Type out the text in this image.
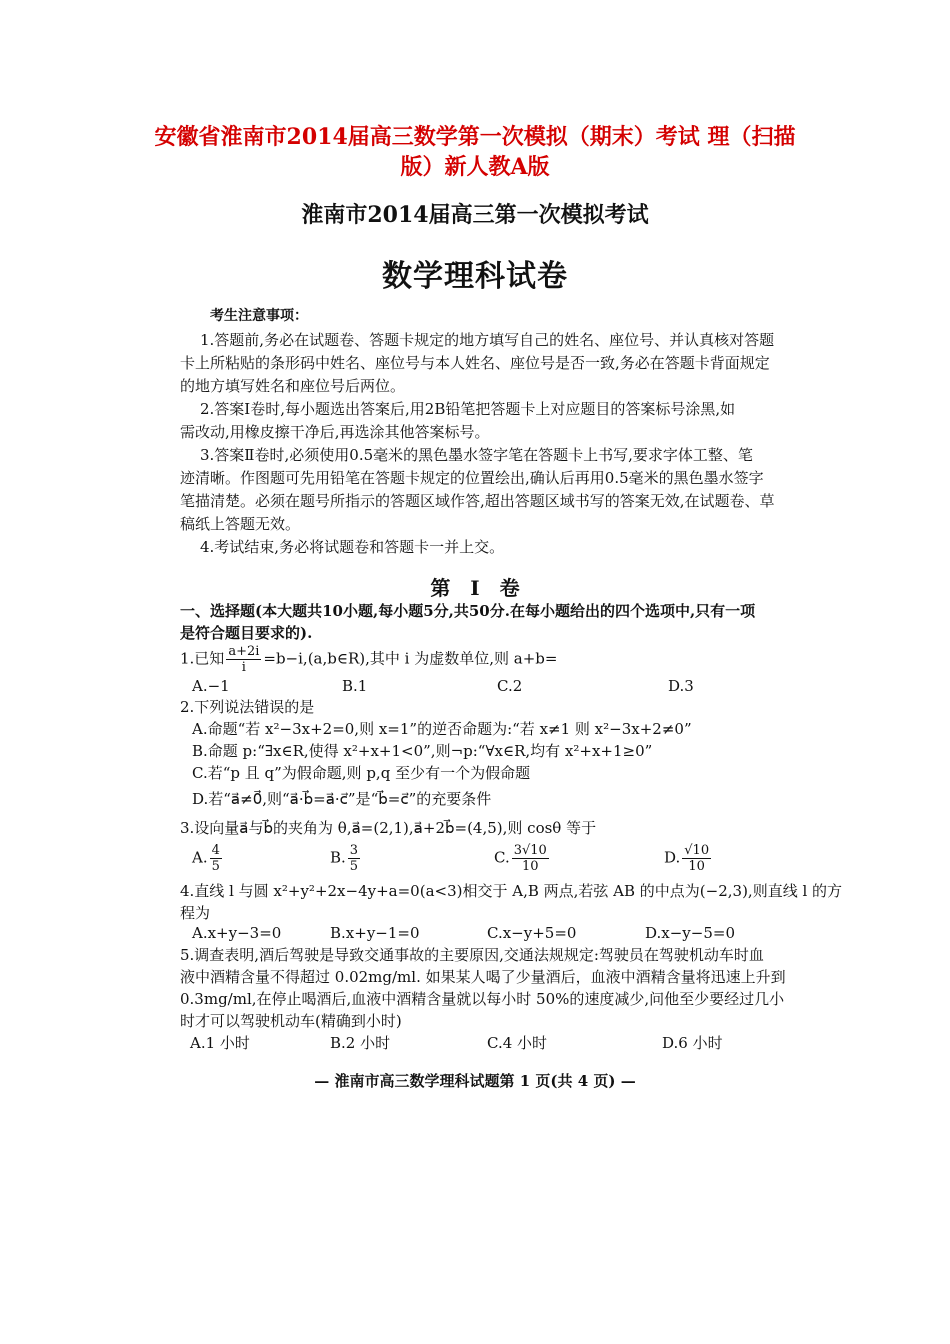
安徽省淮南市2014届高三数学第一次模拟（期末）考试 理（扫描
版）新人教A版
淮南市2014届高三第一次模拟考试
数学理科试卷
考生注意事项：
1.答题前,务必在试题卷、答题卡规定的地方填写自己的姓名、座位号、并认真核对答题
卡上所粘贴的条形码中姓名、座位号与本人姓名、座位号是否一致,务必在答题卡背面规定
的地方填写姓名和座位号后两位。
2.答案Ⅰ卷时,每小题选出答案后,用2B铅笔把答题卡上对应题目的答案标号涂黑,如
需改动,用橡皮擦干净后,再选涂其他答案标号。
3.答案Ⅱ卷时,必须使用0.5毫米的黑色墨水签字笔在答题卡上书写,要求字体工整、笔
迹清晰。作图题可先用铅笔在答题卡规定的位置绘出,确认后再用0.5毫米的黑色墨水签字
笔描清楚。必须在题号所指示的答题区域作答,超出答题区域书写的答案无效,在试题卷、草
稿纸上答题无效。
4.考试结束,务必将试题卷和答题卡一并上交。
第　Ⅰ　卷
一、选择题(本大题共10小题,每小题5分,共50分.在每小题给出的四个选项中,只有一项
是符合题目要求的).
1.已知 $\frac{a+2i}{i}$ =b−i,(a,b∈R),其中 i 为虚数单位,则 a+b=
A.−1	B.1	C.2	D.3
2.下列说法错误的是
A.命题“若 x²−3x+2=0,则 x=1”的逆否命题为:“若 x≠1 则 x²−3x+2≠0”
B.命题 p:“∃x∈R,使得 x²+x+1<0”,则¬p:“∀x∈R,均有 x²+x+1≥0”
C.若“p 且 q”为假命题,则 p,q 至少有一个为假命题
D.若“a⃗≠0⃗,则“a⃗·b⃗=a⃗·c⃗”是“b⃗=c⃗”的充要条件
3.设向量a⃗与b⃗的夹角为 θ,a⃗=(2,1),a⃗+2b⃗=(4,5),则 cosθ 等于
A. $\frac{4}{5}$	B. $\frac{3}{5}$	C. $\frac{3√10}{10}$	D. $\frac{√10}{10}$
4.直线 l 与圆 x²+y²+2x−4y+a=0(a<3)相交于 A,B 两点,若弦 AB 的中点为(−2,3),则直线 l 的方
程为
A.x+y−3=0	B.x+y−1=0	C.x−y+5=0	D.x−y−5=0
5.调查表明,酒后驾驶是导致交通事故的主要原因,交通法规规定:驾驶员在驾驶机动车时血
液中酒精含量不得超过 0.02mg/ml. 如果某人喝了少量酒后，血液中酒精含量将迅速上升到
0.3mg/ml,在停止喝酒后,血液中酒精含量就以每小时 50%的速度减少,问他至少要经过几小
时才可以驾驶机动车(精确到小时)
A.1 小时	B.2 小时	C.4 小时	D.6 小时
— 淮南市高三数学理科试题第 1 页(共 4 页) —
